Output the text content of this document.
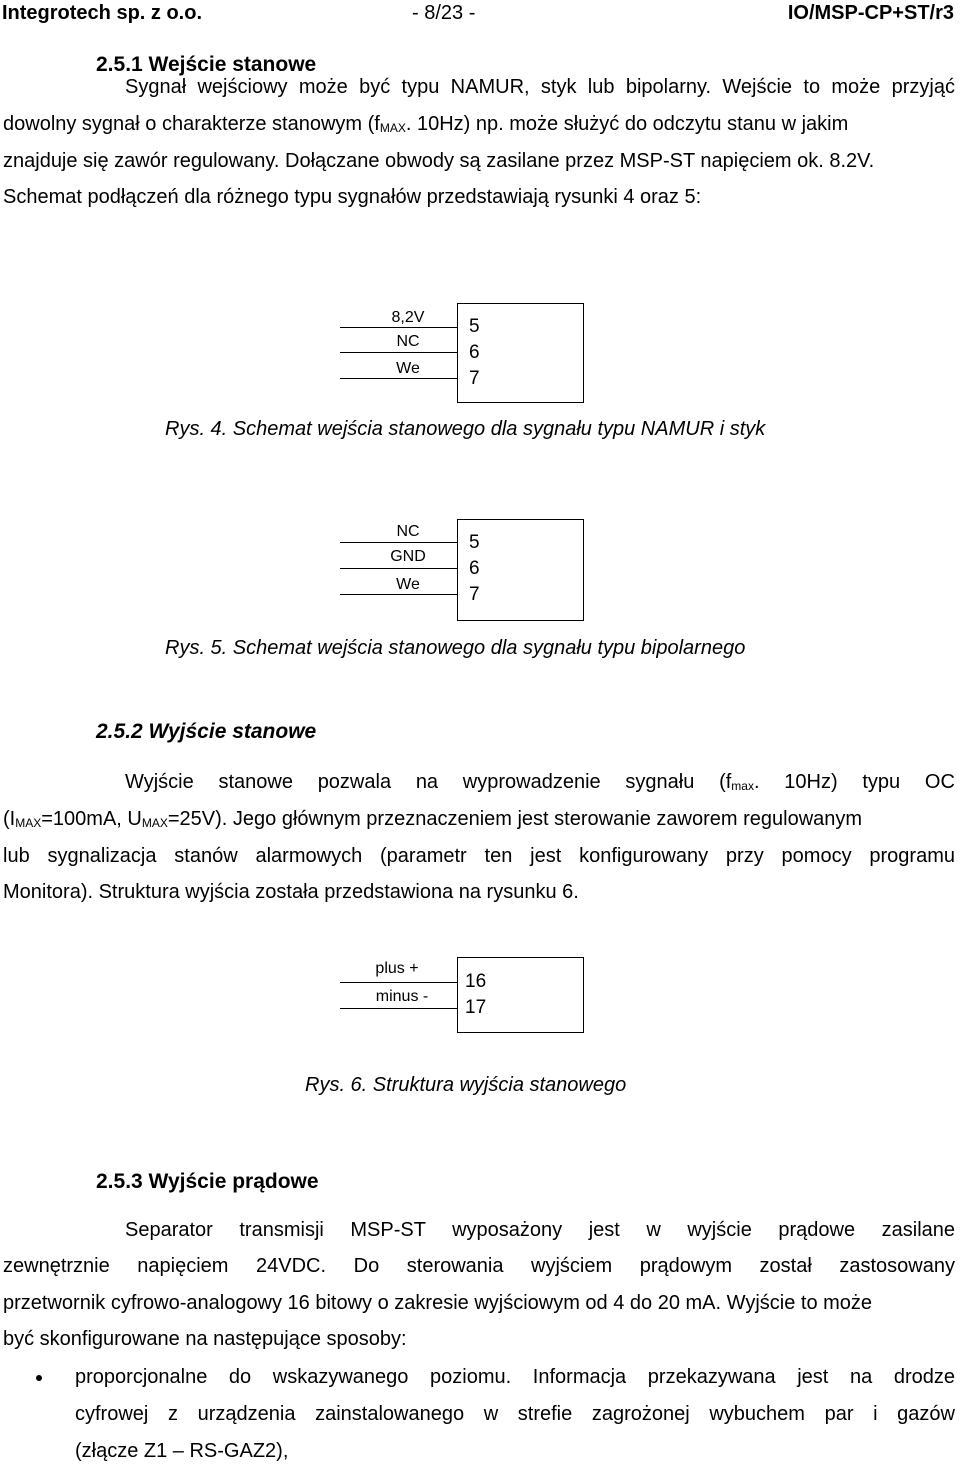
Integrotech sp. z o.o.	- 8/23 -	IO/MSP-CP+ST/r3
2.5.1 Wejście stanowe
Sygnał wejściowy może być typu NAMUR, styk lub bipolarny. Wejście to może przyjąć
dowolny sygnał o charakterze stanowym ($f_{MAX}$. 10Hz) np. może służyć do odczytu stanu w jakim
znajduje się zawór regulowany. Dołączane obwody są zasilane przez MSP-ST napięciem ok. 8.2V.
Schemat podłączeń dla różnego typu sygnałów przedstawiają rysunki 4 oraz 5:
8,2V
NC
We
5
6
7
Rys. 4. Schemat wejścia stanowego dla sygnału typu NAMUR i styk
NC
GND
We
5
6
7
Rys. 5. Schemat wejścia stanowego dla sygnału typu bipolarnego
2.5.2 Wyjście stanowe
Wyjście stanowe pozwala na wyprowadzenie sygnału ($f_{max}$. 10Hz) typu OC
($I_{MAX}=100mA$, $U_{MAX}=25V$). Jego głównym przeznaczeniem jest sterowanie zaworem regulowanym
lub sygnalizacja stanów alarmowych (parametr ten jest konfigurowany przy pomocy programu
Monitora). Struktura wyjścia została przedstawiona na rysunku 6.
plus +
minus -
16
17
Rys. 6. Struktura wyjścia stanowego
2.5.3 Wyjście prądowe
Separator transmisji MSP-ST wyposażony jest w wyjście prądowe zasilane
zewnętrznie napięciem 24VDC. Do sterowania wyjściem prądowym został zastosowany
przetwornik cyfrowo-analogowy 16 bitowy o zakresie wyjściowym od 4 do 20 mA. Wyjście to może
być skonfigurowane na następujące sposoby:
proporcjonalne do wskazywanego poziomu. Informacja przekazywana jest na drodze
cyfrowej z urządzenia zainstalowanego w strefie zagrożonej wybuchem par i gazów
(złącze Z1 – RS-GAZ2),
